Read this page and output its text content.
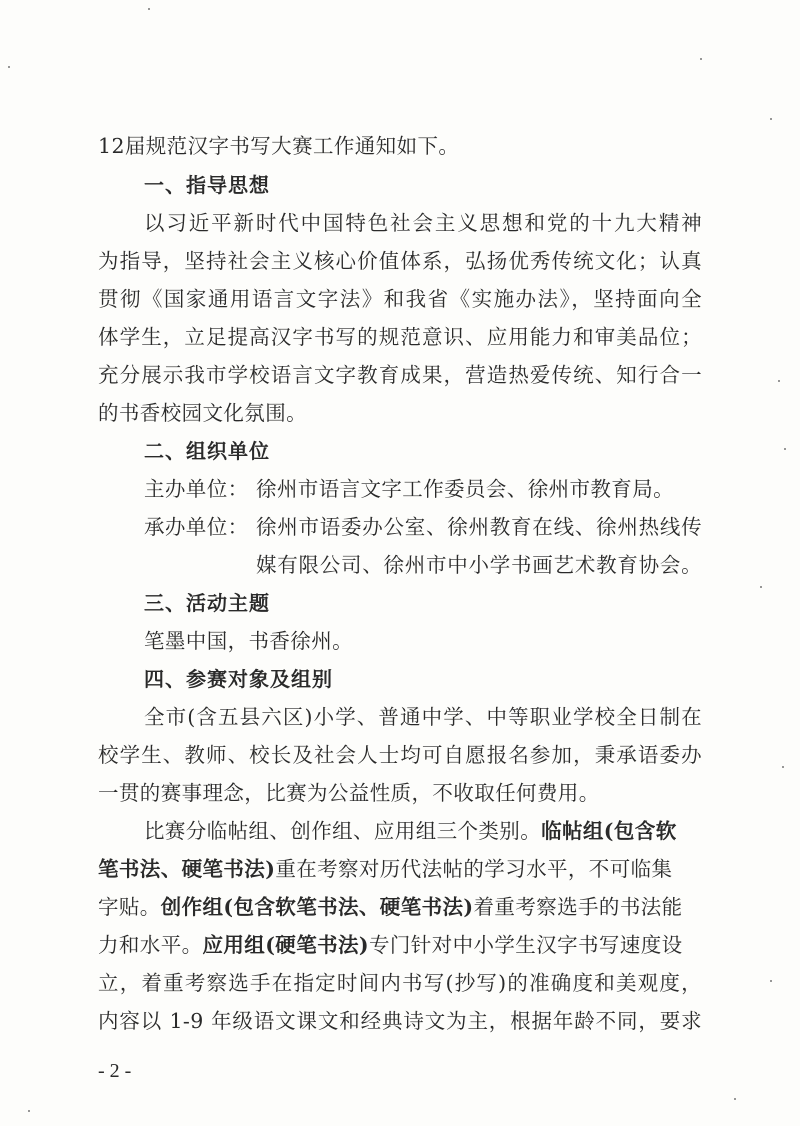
12届规范汉字书写大赛工作通知如下。
一、指导思想
以习近平新时代中国特色社会主义思想和党的十九大精神
为指导，坚持社会主义核心价值体系，弘扬优秀传统文化；认真
贯彻《国家通用语言文字法》和我省《实施办法》，坚持面向全
体学生，立足提高汉字书写的规范意识、应用能力和审美品位；
充分展示我市学校语言文字教育成果，营造热爱传统、知行合一
的书香校园文化氛围。
二、组织单位
主办单位： 徐州市语言文字工作委员会、徐州市教育局。
承办单位： 徐州市语委办公室、徐州教育在线、徐州热线传
媒有限公司、徐州市中小学书画艺术教育协会。
三、活动主题
笔墨中国，书香徐州。
四、参赛对象及组别
全市(含五县六区)小学、普通中学、中等职业学校全日制在
校学生、教师、校长及社会人士均可自愿报名参加，秉承语委办
一贯的赛事理念，比赛为公益性质，不收取任何费用。
比赛分临帖组、创作组、应用组三个类别。临帖组(包含软
笔书法、硬笔书法)重在考察对历代法帖的学习水平，不可临集
字贴。创作组(包含软笔书法、硬笔书法)着重考察选手的书法能
力和水平。应用组(硬笔书法)专门针对中小学生汉字书写速度设
立，着重考察选手在指定时间内书写(抄写)的准确度和美观度，
内容以 1-9 年级语文课文和经典诗文为主，根据年龄不同，要求
- 2 -
